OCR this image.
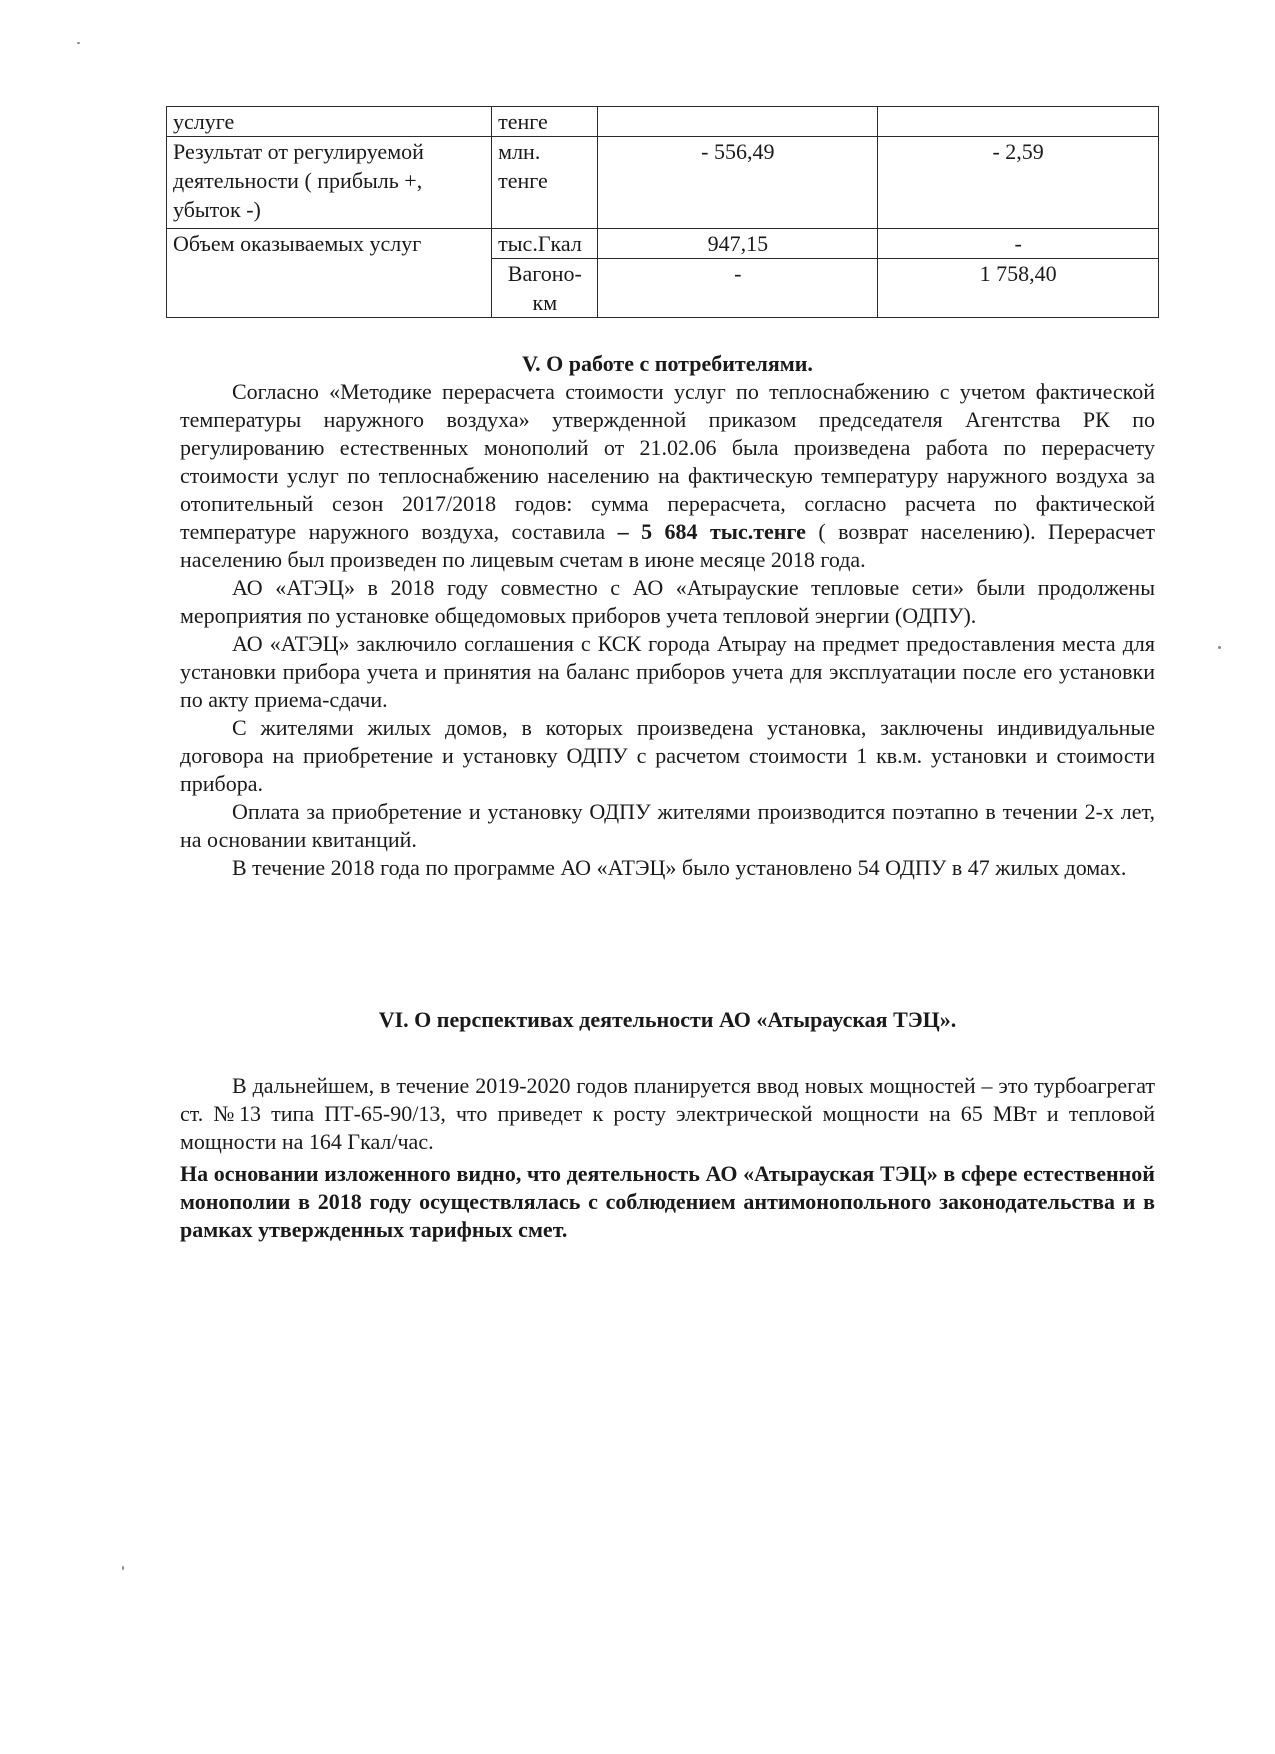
услуге	тенге		
Результат от регулируемой деятельности ( прибыль +, убыток -)	млн. тенге	- 556,49	- 2,59
Объем оказываемых услуг	тыс.Гкал	947,15	-
	Вагоно-км	-	1 758,40

V. О работе с потребителями.

Согласно «Методике перерасчета стоимости услуг по теплоснабжению с учетом фактической температуры наружного воздуха» утвержденной приказом председателя Агентства РК по регулированию естественных монополий от 21.02.06 была произведена работа по перерасчету стоимости услуг по теплоснабжению населению на фактическую температуру наружного воздуха за отопительный сезон 2017/2018 годов: сумма перерасчета, согласно расчета по фактической температуре наружного воздуха, составила – 5 684 тыс.тенге ( возврат населению). Перерасчет населению был произведен по лицевым счетам в июне месяце 2018 года.

АО «АТЭЦ» в 2018 году совместно с АО «Атырауские тепловые сети» были продолжены мероприятия по установке общедомовых приборов учета тепловой энергии (ОДПУ).

АО «АТЭЦ» заключило соглашения с КСК города Атырау на предмет предоставления места для установки прибора учета и принятия на баланс приборов учета для эксплуатации после его установки по акту приема-сдачи.

С жителями жилых домов, в которых произведена установка, заключены индивидуальные договора на приобретение и установку ОДПУ с расчетом стоимости 1 кв.м. установки и стоимости прибора.

Оплата за приобретение и установку ОДПУ жителями производится поэтапно в течении 2-х лет, на основании квитанций.

В течение 2018 года по программе АО «АТЭЦ» было установлено 54 ОДПУ в 47 жилых домах.

VI. О перспективах деятельности АО «Атырауская ТЭЦ».

В дальнейшем, в течение 2019-2020 годов планируется ввод новых мощностей – это турбоагрегат ст. №13 типа ПТ-65-90/13, что приведет к росту электрической мощности на 65 МВт и тепловой мощности на 164 Гкал/час.

На основании изложенного видно, что деятельность АО «Атырауская ТЭЦ» в сфере естественной монополии в 2018 году осуществлялась с соблюдением антимонопольного законодательства и в рамках утвержденных тарифных смет.
